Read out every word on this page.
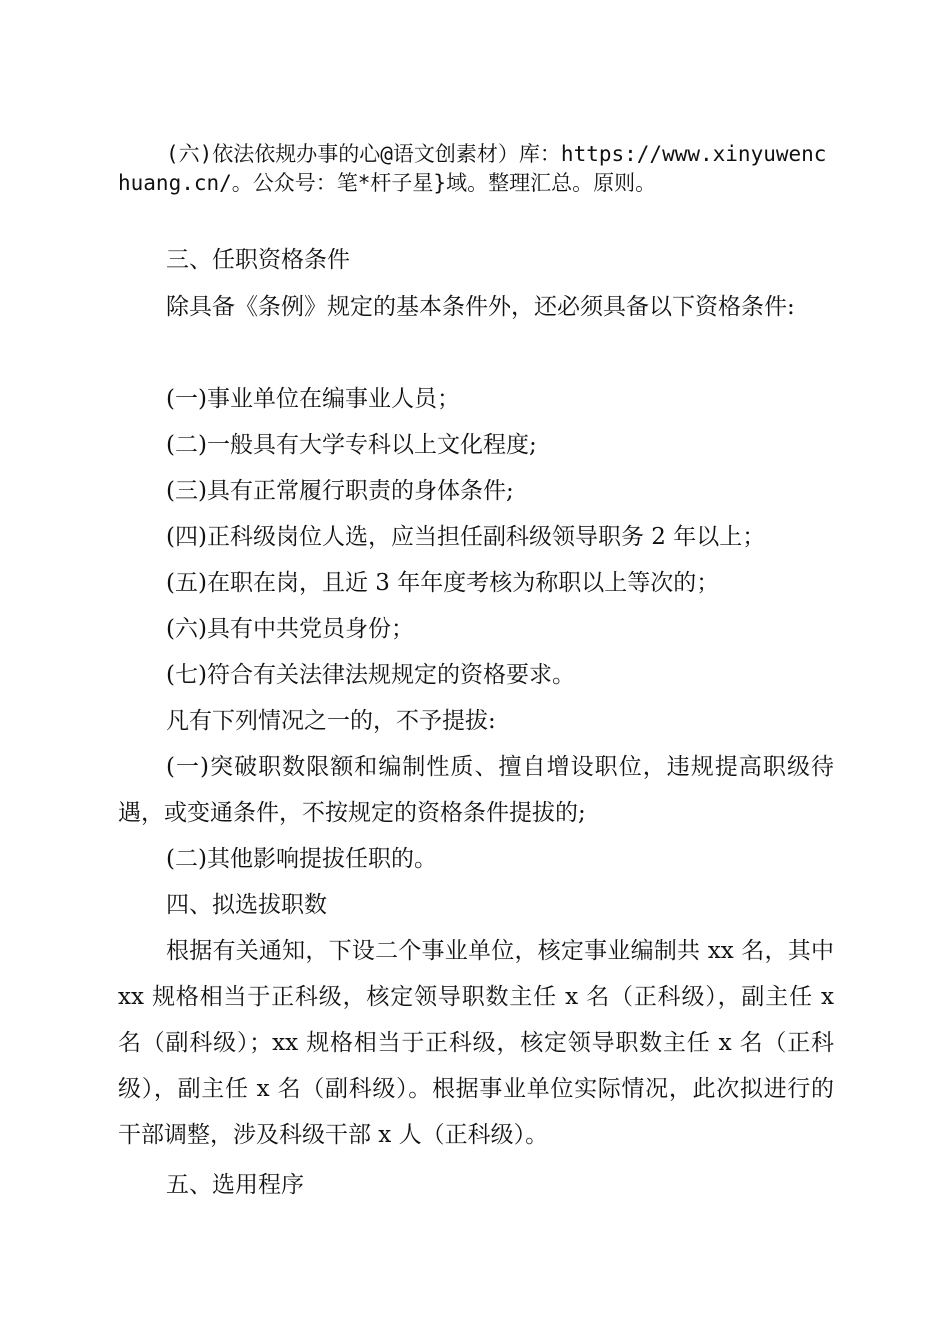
(六)依法依规办事的心@语文创素材）库：https://www.xinyuwenchuang.cn/。公众号：笔*杆子星}域。整理汇总。原则。

三、任职资格条件

除具备《条例》规定的基本条件外，还必须具备以下资格条件:

(一)事业单位在编事业人员；

(二)一般具有大学专科以上文化程度;

(三)具有正常履行职责的身体条件;

(四)正科级岗位人选，应当担任副科级领导职务 2 年以上；

(五)在职在岗，且近 3 年年度考核为称职以上等次的；

(六)具有中共党员身份；

(七)符合有关法律法规规定的资格要求。

凡有下列情况之一的，不予提拔:

(一)突破职数限额和编制性质、擅自增设职位，违规提高职级待遇，或变通条件，不按规定的资格条件提拔的;

(二)其他影响提拔任职的。

四、拟选拔职数

根据有关通知，下设二个事业单位，核定事业编制共 xx 名，其中 xx 规格相当于正科级，核定领导职数主任 x 名（正科级），副主任 x 名（副科级）；xx 规格相当于正科级，核定领导职数主任 x 名（正科级），副主任 x 名（副科级）。根据事业单位实际情况，此次拟进行的干部调整，涉及科级干部 x 人（正科级）。

五、选用程序
